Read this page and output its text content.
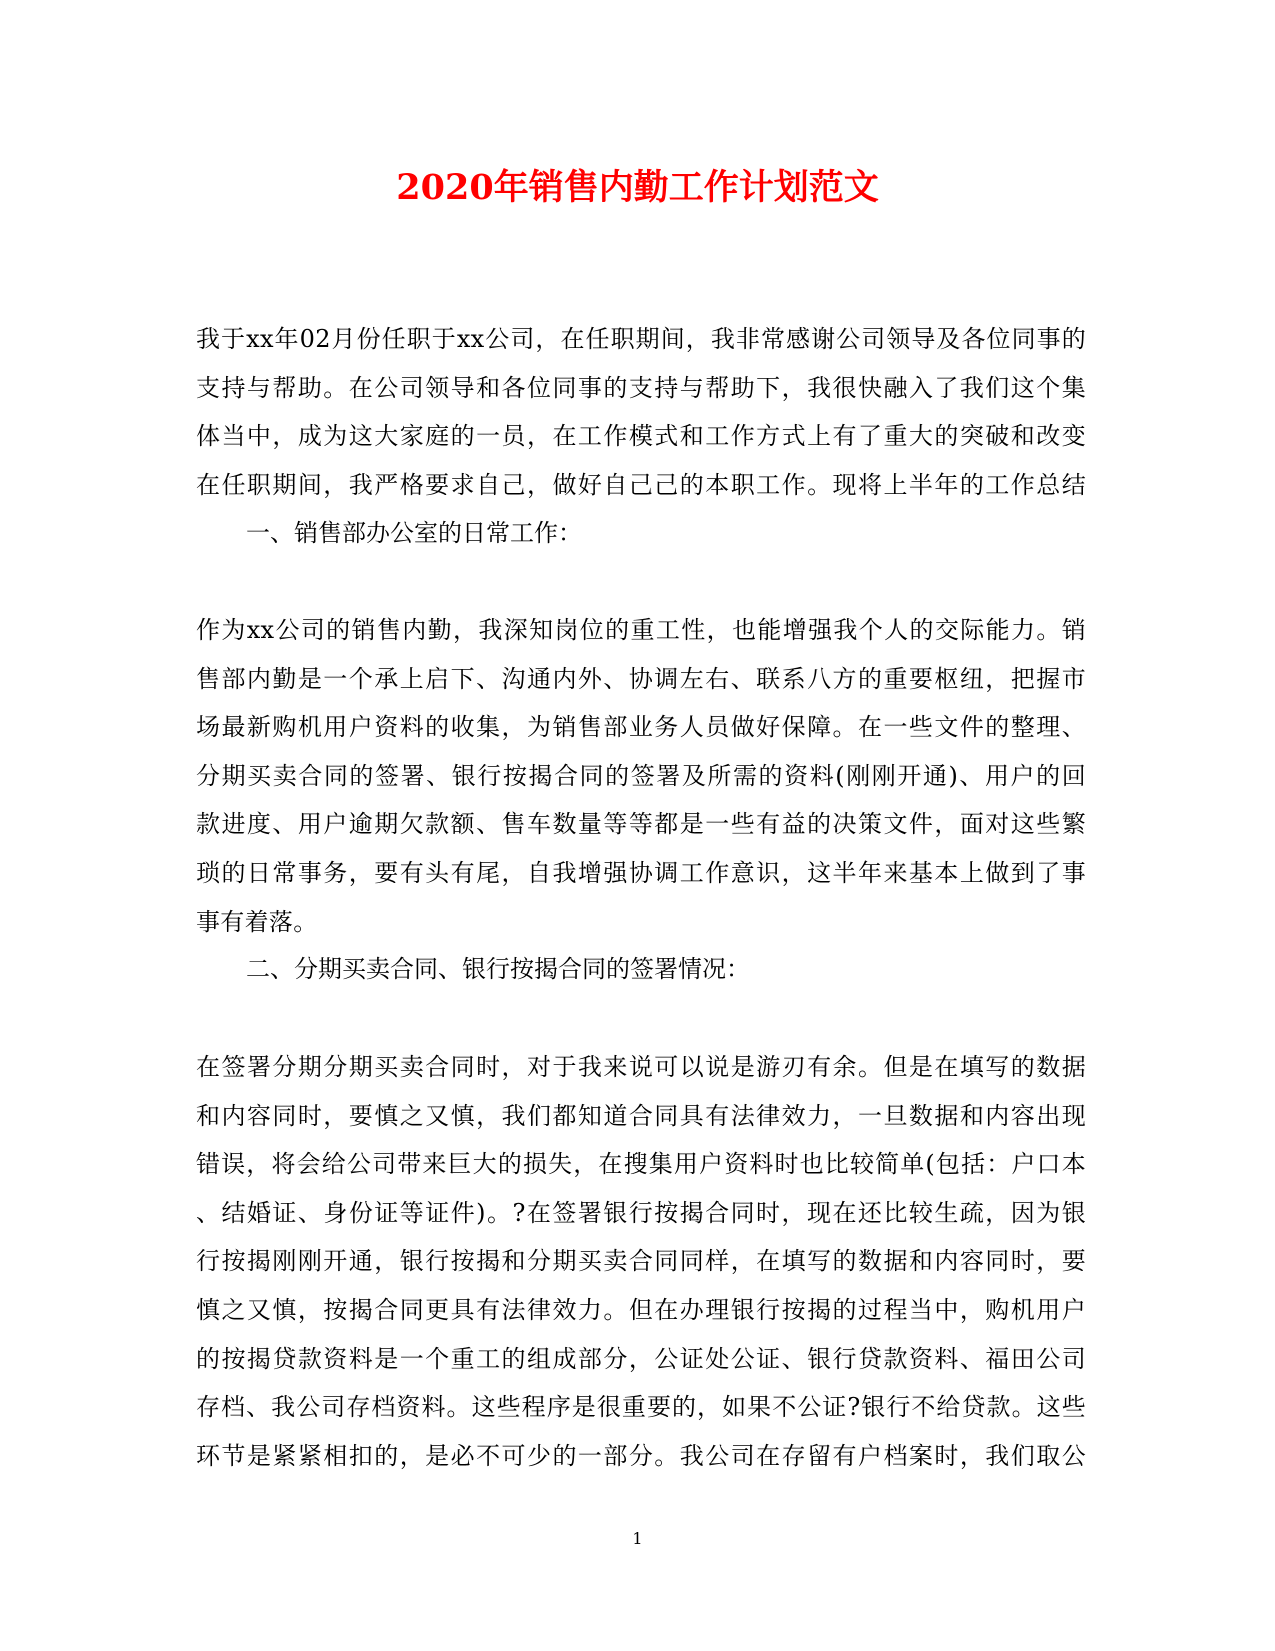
2020年销售内勤工作计划范文
我于xx年02月份任职于xx公司，在任职期间，我非常感谢公司领导及各位同事的
支持与帮助。在公司领导和各位同事的支持与帮助下，我很快融入了我们这个集
体当中，成为这大家庭的一员，在工作模式和工作方式上有了重大的突破和改变
在任职期间，我严格要求自己，做好自己己的本职工作。现将上半年的工作总结
一、销售部办公室的日常工作：
作为xx公司的销售内勤，我深知岗位的重工性，也能增强我个人的交际能力。销
售部内勤是一个承上启下、沟通内外、协调左右、联系八方的重要枢纽，把握市
场最新购机用户资料的收集，为销售部业务人员做好保障。在一些文件的整理、
分期买卖合同的签署、银行按揭合同的签署及所需的资料(刚刚开通)、用户的回
款进度、用户逾期欠款额、售车数量等等都是一些有益的决策文件，面对这些繁
琐的日常事务，要有头有尾，自我增强协调工作意识，这半年来基本上做到了事
事有着落。
二、分期买卖合同、银行按揭合同的签署情况：
在签署分期分期买卖合同时，对于我来说可以说是游刃有余。但是在填写的数据
和内容同时，要慎之又慎，我们都知道合同具有法律效力，一旦数据和内容出现
错误，将会给公司带来巨大的损失，在搜集用户资料时也比较简单(包括：户口本
、结婚证、身份证等证件)。?在签署银行按揭合同时，现在还比较生疏，因为银
行按揭刚刚开通，银行按揭和分期买卖合同同样，在填写的数据和内容同时，要
慎之又慎，按揭合同更具有法律效力。但在办理银行按揭的过程当中，购机用户
的按揭贷款资料是一个重工的组成部分，公证处公证、银行贷款资料、福田公司
存档、我公司存档资料。这些程序是很重要的，如果不公证?银行不给贷款。这些
环节是紧紧相扣的，是必不可少的一部分。我公司在存留有户档案时，我们取公
1
